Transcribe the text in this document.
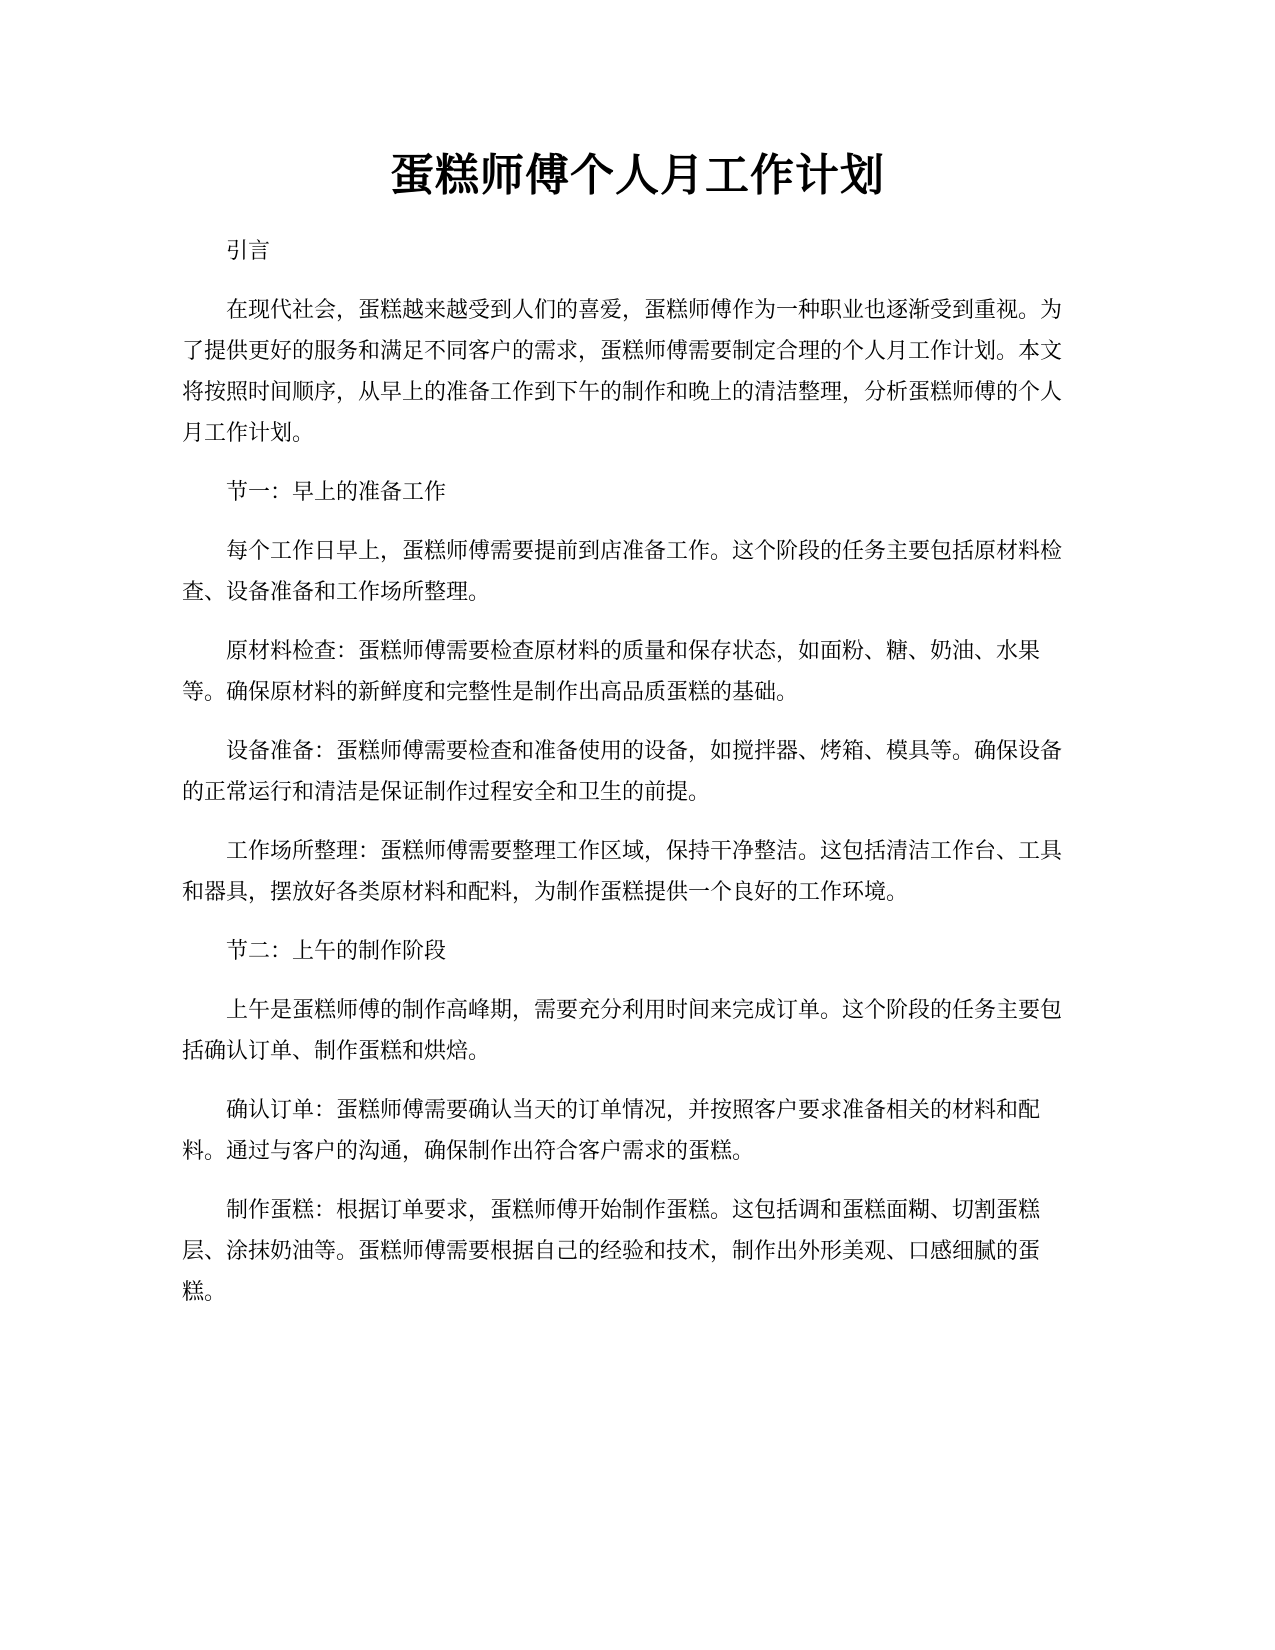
蛋糕师傅个人月工作计划

引言

在现代社会，蛋糕越来越受到人们的喜爱，蛋糕师傅作为一种职业也逐渐受到重视。为了提供更好的服务和满足不同客户的需求，蛋糕师傅需要制定合理的个人月工作计划。本文将按照时间顺序，从早上的准备工作到下午的制作和晚上的清洁整理，分析蛋糕师傅的个人月工作计划。

节一：早上的准备工作

每个工作日早上，蛋糕师傅需要提前到店准备工作。这个阶段的任务主要包括原材料检查、设备准备和工作场所整理。

原材料检查：蛋糕师傅需要检查原材料的质量和保存状态，如面粉、糖、奶油、水果等。确保原材料的新鲜度和完整性是制作出高品质蛋糕的基础。

设备准备：蛋糕师傅需要检查和准备使用的设备，如搅拌器、烤箱、模具等。确保设备的正常运行和清洁是保证制作过程安全和卫生的前提。

工作场所整理：蛋糕师傅需要整理工作区域，保持干净整洁。这包括清洁工作台、工具和器具，摆放好各类原材料和配料，为制作蛋糕提供一个良好的工作环境。

节二：上午的制作阶段

上午是蛋糕师傅的制作高峰期，需要充分利用时间来完成订单。这个阶段的任务主要包括确认订单、制作蛋糕和烘焙。

确认订单：蛋糕师傅需要确认当天的订单情况，并按照客户要求准备相关的材料和配料。通过与客户的沟通，确保制作出符合客户需求的蛋糕。

制作蛋糕：根据订单要求，蛋糕师傅开始制作蛋糕。这包括调和蛋糕面糊、切割蛋糕层、涂抹奶油等。蛋糕师傅需要根据自己的经验和技术，制作出外形美观、口感细腻的蛋糕。
